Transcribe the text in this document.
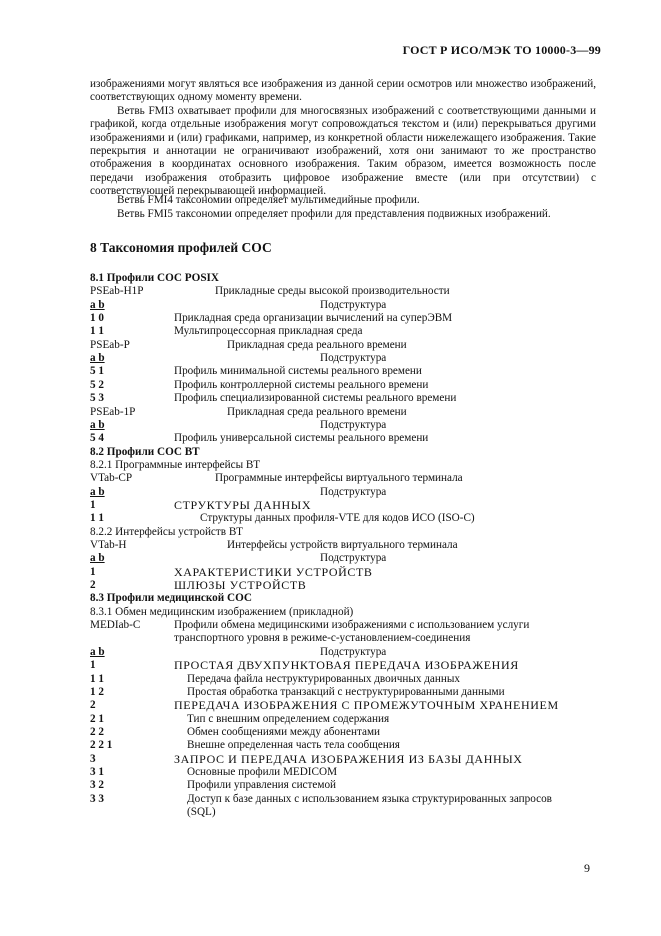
ГОСТ Р ИСО/МЭК ТО 10000-3—99
изображениями могут являться все изображения из данной серии осмотров или множество изображений, соответствующих одному моменту времени.
Ветвь FMI3 охватывает профили для многосвязных изображений с соответствующими данными и графикой, когда отдельные изображения могут сопровождаться текстом и (или) перекрываться другими изображениями и (или) графиками, например, из конкретной области нижележащего изображения. Такие перекрытия и аннотации не ограничивают изображений, хотя они занимают то же пространство отображения в координатах основного изображения. Таким образом, имеется возможность после передачи изображения отобразить цифровое изображение вместе (или при отсутствии) с соответствующей перекрывающей информацией.
Ветвь FMI4 таксономии определяет мультимедийные профили.
Ветвь FMI5 таксономии определяет профили для представления подвижных изображений.
8 Таксономия профилей СОС
8.1 Профили СОС POSIX
PSEab-H1P	Прикладные среды высокой производительности
a b	Подструктура
1 0	Прикладная среда организации вычислений на суперЭВМ
1 1	Мультипроцессорная прикладная среда
PSEab-P	Прикладная среда реального времени
a b	Подструктура
5 1	Профиль минимальной системы реального времени
5 2	Профиль контроллерной системы реального времени
5 3	Профиль специализированной системы реального времени
PSEab-1P	Прикладная среда реального времени
a b	Подструктура
5 4	Профиль универсальной системы реального времени
8.2 Профили СОС ВТ
8.2.1 Программные интерфейсы ВТ
VTab-CP	Программные интерфейсы виртуального терминала
a b	Подструктура
1	СТРУКТУРЫ ДАННЫХ
1 1	Структуры данных профиля-VTE для кодов ИСО (ISO-C)
8.2.2 Интерфейсы устройств ВТ
VTab-H	Интерфейсы устройств виртуального терминала
a b	Подструктура
1	ХАРАКТЕРИСТИКИ УСТРОЙСТВ
2	ШЛЮЗЫ УСТРОЙСТВ
8.3 Профили медицинской СОС
8.3.1 Обмен медицинским изображением (прикладной)
MEDIab-C	Профили обмена медицинскими изображениями с использованием услуги
транспортного уровня в режиме-с-установлением-соединения
a b	Подструктура
1	ПРОСТАЯ ДВУХПУНКТОВАЯ ПЕРЕДАЧА ИЗОБРАЖЕНИЯ
1 1	Передача файла неструктурированных двоичных данных
1 2	Простая обработка транзакций с неструктурированными данными
2	ПЕРЕДАЧА ИЗОБРАЖЕНИЯ С ПРОМЕЖУТОЧНЫМ ХРАНЕНИЕМ
2 1	Тип с внешним определением содержания
2 2	Обмен сообщениями между абонентами
2 2 1	Внешне определенная часть тела сообщения
3	ЗАПРОС И ПЕРЕДАЧА ИЗОБРАЖЕНИЯ ИЗ БАЗЫ ДАННЫХ
3 1	Основные профили MEDICOM
3 2	Профили управления системой
3 3	Доступ к базе данных с использованием языка структурированных запросов
(SQL)
9
